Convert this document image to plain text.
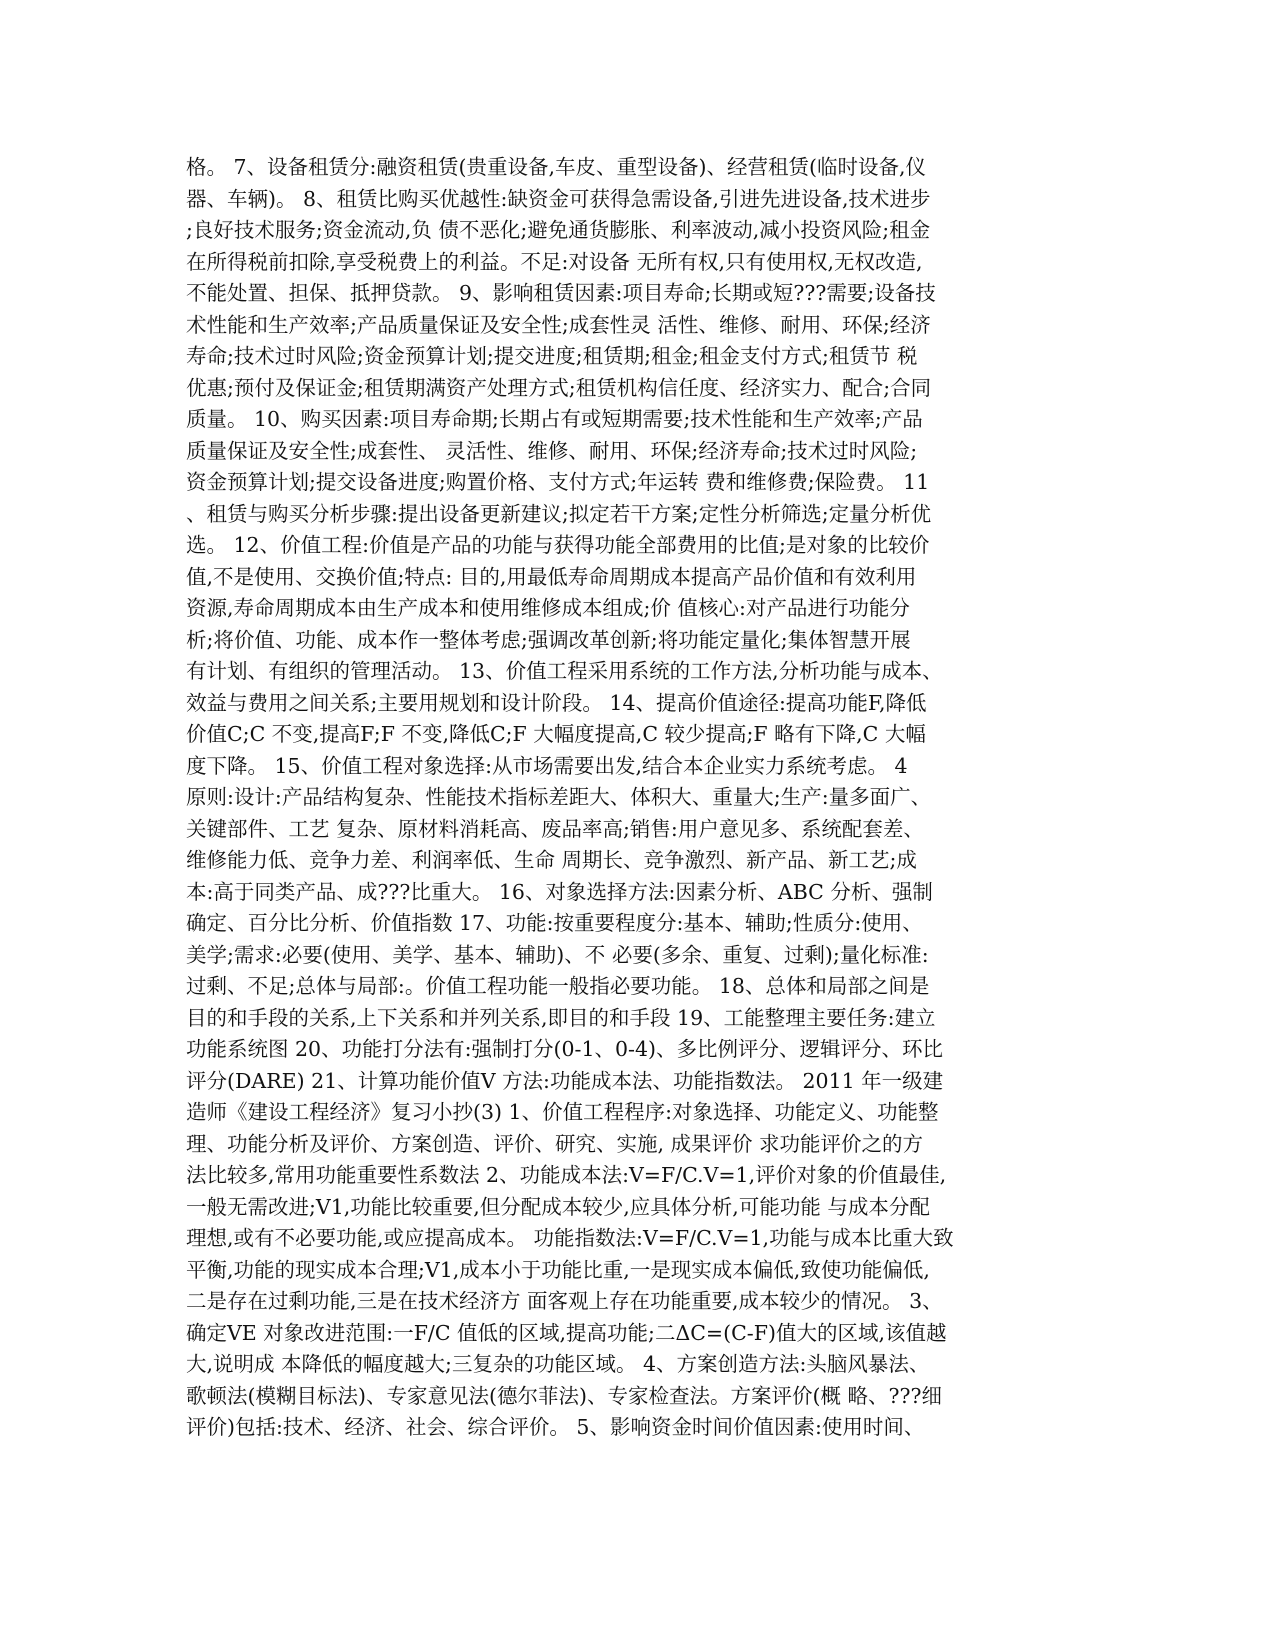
格。 7、设备租赁分:融资租赁(贵重设备,车皮、重型设备)、经营租赁(临时设备,仪
器、车辆)。 8、租赁比购买优越性:缺资金可获得急需设备,引进先进设备,技术进步
;良好技术服务;资金流动,负 债不恶化;避免通货膨胀、利率波动,减小投资风险;租金
在所得税前扣除,享受税费上的利益。不足:对设备 无所有权,只有使用权,无权改造,
不能处置、担保、抵押贷款。 9、影响租赁因素:项目寿命;长期或短???需要;设备技
术性能和生产效率;产品质量保证及安全性;成套性灵 活性、维修、耐用、环保;经济
寿命;技术过时风险;资金预算计划;提交进度;租赁期;租金;租金支付方式;租赁节 税
优惠;预付及保证金;租赁期满资产处理方式;租赁机构信任度、经济实力、配合;合同
质量。 10、购买因素:项目寿命期;长期占有或短期需要;技术性能和生产效率;产品
质量保证及安全性;成套性、 灵活性、维修、耐用、环保;经济寿命;技术过时风险;
资金预算计划;提交设备进度;购置价格、支付方式;年运转 费和维修费;保险费。 11
、租赁与购买分析步骤:提出设备更新建议;拟定若干方案;定性分析筛选;定量分析优
选。 12、价值工程:价值是产品的功能与获得功能全部费用的比值;是对象的比较价
值,不是使用、交换价值;特点: 目的,用最低寿命周期成本提高产品价值和有效利用
资源,寿命周期成本由生产成本和使用维修成本组成;价 值核心:对产品进行功能分
析;将价值、功能、成本作一整体考虑;强调改革创新;将功能定量化;集体智慧开展
有计划、有组织的管理活动。 13、价值工程采用系统的工作方法,分析功能与成本、
效益与费用之间关系;主要用规划和设计阶段。 14、提高价值途径:提高功能F,降低
价值C;C 不变,提高F;F 不变,降低C;F 大幅度提高,C 较少提高;F 略有下降,C 大幅
度下降。 15、价值工程对象选择:从市场需要出发,结合本企业实力系统考虑。 4
原则:设计:产品结构复杂、性能技术指标差距大、体积大、重量大;生产:量多面广、
关键部件、工艺 复杂、原材料消耗高、废品率高;销售:用户意见多、系统配套差、
维修能力低、竞争力差、利润率低、生命 周期长、竞争激烈、新产品、新工艺;成
本:高于同类产品、成???比重大。 16、对象选择方法:因素分析、ABC 分析、强制
确定、百分比分析、价值指数 17、功能:按重要程度分:基本、辅助;性质分:使用、
美学;需求:必要(使用、美学、基本、辅助)、不 必要(多余、重复、过剩);量化标准:
过剩、不足;总体与局部:。价值工程功能一般指必要功能。 18、总体和局部之间是
目的和手段的关系,上下关系和并列关系,即目的和手段 19、工能整理主要任务:建立
功能系统图 20、功能打分法有:强制打分(0-1、0-4)、多比例评分、逻辑评分、环比
评分(DARE) 21、计算功能价值V 方法:功能成本法、功能指数法。 2011 年一级建
造师《建设工程经济》复习小抄(3) 1、价值工程程序:对象选择、功能定义、功能整
理、功能分析及评价、方案创造、评价、研究、实施, 成果评价 求功能评价之的方
法比较多,常用功能重要性系数法 2、功能成本法:V=F/C.V=1,评价对象的价值最佳,
一般无需改进;V1,功能比较重要,但分配成本较少,应具体分析,可能功能 与成本分配
理想,或有不必要功能,或应提高成本。 功能指数法:V=F/C.V=1,功能与成本比重大致
平衡,功能的现实成本合理;V1,成本小于功能比重,一是现实成本偏低,致使功能偏低,
二是存在过剩功能,三是在技术经济方 面客观上存在功能重要,成本较少的情况。 3、
确定VE 对象改进范围:一F/C 值低的区域,提高功能;二ΔC=(C-F)值大的区域,该值越
大,说明成 本降低的幅度越大;三复杂的功能区域。 4、方案创造方法:头脑风暴法、
歌顿法(模糊目标法)、专家意见法(德尔菲法)、专家检查法。方案评价(概 略、???细
评价)包括:技术、经济、社会、综合评价。 5、影响资金时间价值因素:使用时间、
